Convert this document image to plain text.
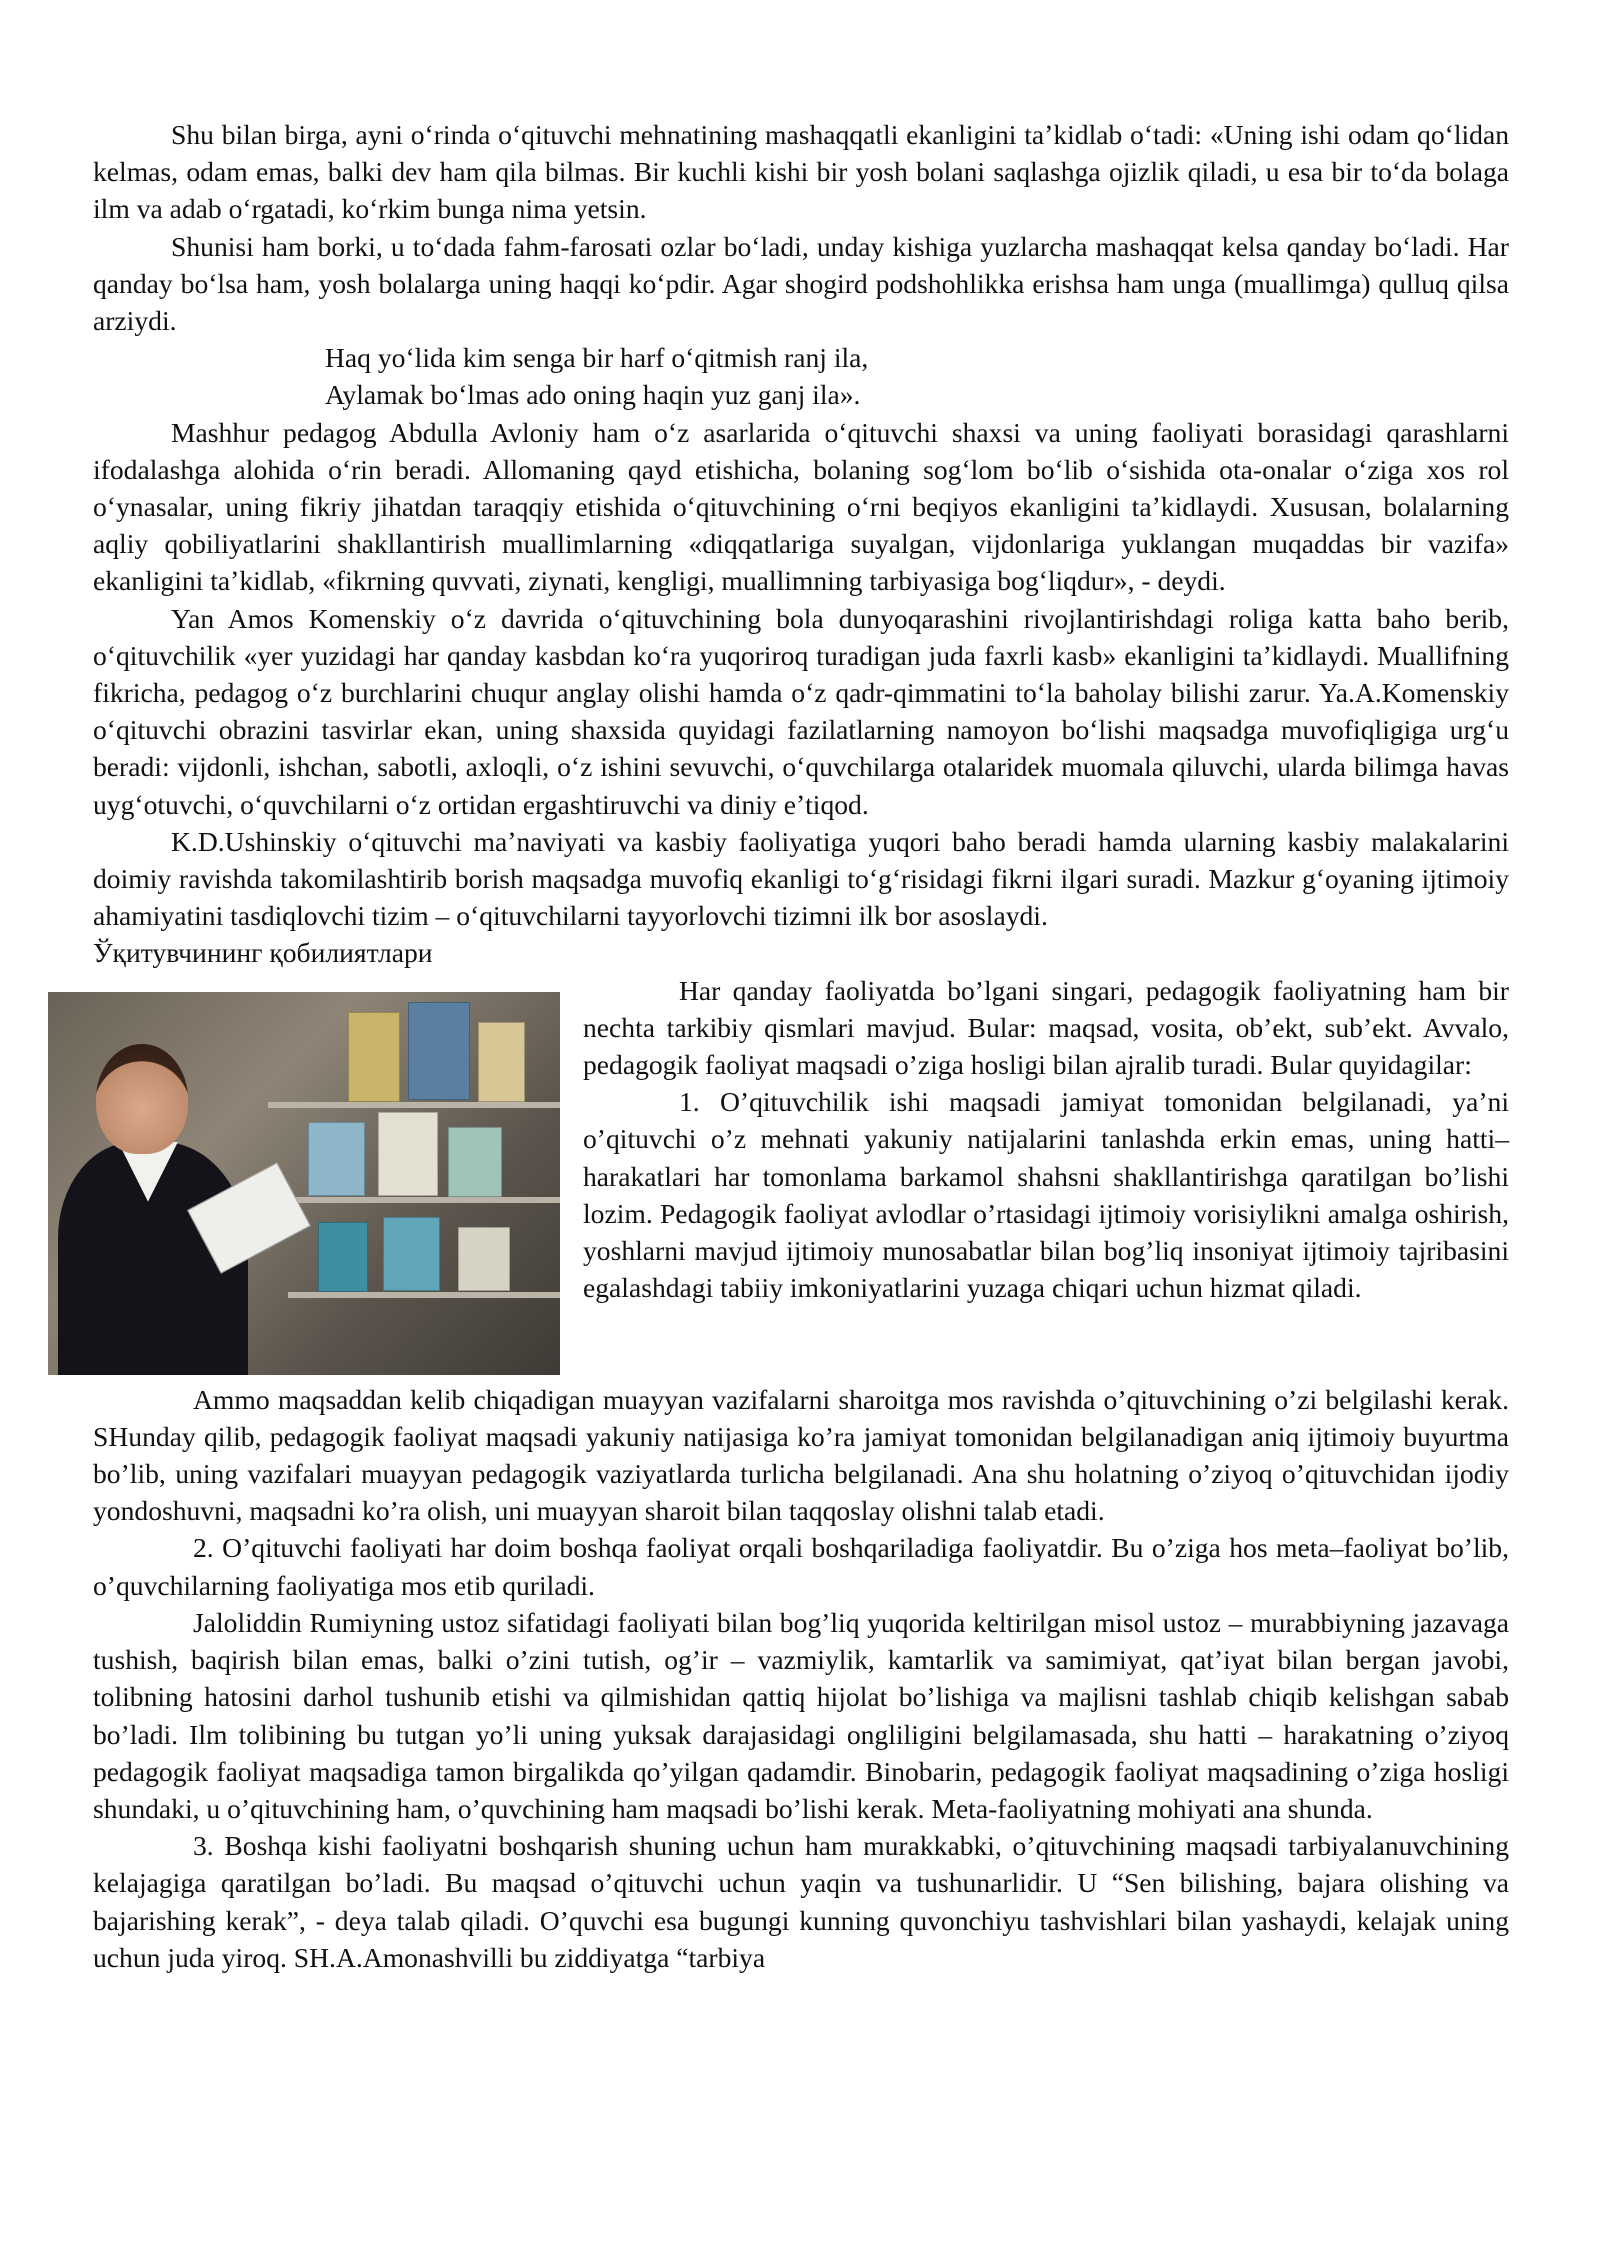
Shu bilan birga, ayni oʻrinda oʻqituvchi mehnatining mashaqqatli ekanligini taʼkidlab oʻtadi: «Uning ishi odam qoʻlidan kelmas, odam emas, balki dev ham qila bilmas. Bir kuchli kishi bir yosh bolani saqlashga ojizlik qiladi, u esa bir toʻda bolaga ilm va adab oʻrgatadi, koʻrkim bunga nima yetsin.

Shunisi ham borki, u toʻdada fahm-farosati ozlar boʻladi, unday kishiga yuzlarcha mashaqqat kelsa qanday boʻladi. Har qanday boʻlsa ham, yosh bolalarga uning haqqi koʻpdir. Agar shogird podshohlikka erishsa ham unga (muallimga) qulluq qilsa arziydi.

Haq yoʻlida kim senga bir harf oʻqitmish ranj ila,

Aylamak boʻlmas ado oning haqin yuz ganj ila».

Mashhur pedagog Abdulla Avloniy ham oʻz asarlarida oʻqituvchi shaxsi va uning faoliyati borasidagi qarashlarni ifodalashga alohida oʻrin beradi. Allomaning qayd etishicha, bolaning sogʻlom boʻlib oʻsishida ota-onalar oʻziga xos rol oʻynasalar, uning fikriy jihatdan taraqqiy etishida oʻqituvchining oʻrni beqiyos ekanligini taʼkidlaydi. Xususan, bolalarning aqliy qobiliyatlarini shakllantirish muallimlarning «diqqatlariga suyalgan, vijdonlariga yuklangan muqaddas bir vazifa» ekanligini taʼkidlab, «fikrning quvvati, ziynati, kengligi, muallimning tarbiyasiga bogʻliqdur», - deydi.

Yan Amos Komenskiy oʻz davrida oʻqituvchining bola dunyoqarashini rivojlantirishdagi roliga katta baho berib, oʻqituvchilik «yer yuzidagi har qanday kasbdan koʻra yuqoriroq turadigan juda faxrli kasb» ekanligini taʼkidlaydi. Muallifning fikricha, pedagog oʻz burchlarini chuqur anglay olishi hamda oʻz qadr-qimmatini toʻla baholay bilishi zarur. Ya.A.Komenskiy oʻqituvchi obrazini tasvirlar ekan, uning shaxsida quyidagi fazilatlarning namoyon boʻlishi maqsadga muvofiqligiga urgʻu beradi: vijdonli, ishchan, sabotli, axloqli, oʻz ishini sevuvchi, oʻquvchilarga otalaridek muomala qiluvchi, ularda bilimga havas uygʻotuvchi, oʻquvchilarni oʻz ortidan ergashtiruvchi va diniy eʼtiqod.

K.D.Ushinskiy oʻqituvchi maʼnaviyati va kasbiy faoliyatiga yuqori baho beradi hamda ularning kasbiy malakalarini doimiy ravishda takomilashtirib borish maqsadga muvofiq ekanligi toʻgʻrisidagi fikrni ilgari suradi. Mazkur gʻoyaning ijtimoiy ahamiyatini tasdiqlovchi tizim – oʻqituvchilarni tayyorlovchi tizimni ilk bor asoslaydi.

Ўқитувчининг қобилиятлари

Har qanday faoliyatda bo’lgani singari, pedagogik faoliyatning ham bir nechta tarkibiy qismlari mavjud. Bular: maqsad, vosita, ob’ekt, sub’ekt. Avvalo, pedagogik faoliyat maqsadi o’ziga hosligi bilan ajralib turadi. Bular quyidagilar:

1. O’qituvchilik ishi maqsadi jamiyat tomonidan belgilanadi, ya’ni o’qituvchi o’z mehnati yakuniy natijalarini tanlashda erkin emas, uning hatti–harakatlari har tomonlama barkamol shahsni shakllantirishga qaratilgan bo’lishi lozim. Pedagogik faoliyat avlodlar o’rtasidagi ijtimoiy vorisiylikni amalga oshirish, yoshlarni mavjud ijtimoiy munosabatlar bilan bog’liq insoniyat ijtimoiy tajribasini egalashdagi tabiiy imkoniyatlarini yuzaga chiqari uchun hizmat qiladi.

Ammo maqsaddan kelib chiqadigan muayyan vazifalarni sharoitga mos ravishda o’qituvchining o’zi belgilashi kerak. SHunday qilib, pedagogik faoliyat maqsadi yakuniy natijasiga ko’ra jamiyat tomonidan belgilanadigan aniq ijtimoiy buyurtma bo’lib, uning vazifalari muayyan pedagogik vaziyatlarda turlicha belgilanadi. Ana shu holatning o’ziyoq o’qituvchidan ijodiy yondoshuvni, maqsadni ko’ra olish, uni muayyan sharoit bilan taqqoslay olishni talab etadi.

2. O’qituvchi faoliyati har doim boshqa faoliyat orqali boshqariladiga faoliyatdir. Bu o’ziga hos meta–faoliyat bo’lib, o’quvchilarning faoliyatiga mos etib quriladi.

Jaloliddin Rumiyning ustoz sifatidagi faoliyati bilan bog’liq yuqorida keltirilgan misol ustoz – murabbiyning jazavaga tushish, baqirish bilan emas, balki o’zini tutish, og’ir – vazmiylik, kamtarlik va samimiyat, qat’iyat bilan bergan javobi, tolibning hatosini darhol tushunib etishi va qilmishidan qattiq hijolat bo’lishiga va majlisni tashlab chiqib kelishgan sabab bo’ladi. Ilm tolibining bu tutgan yo’li uning yuksak darajasidagi ongliligini belgilamasada, shu hatti – harakatning o’ziyoq pedagogik faoliyat maqsadiga tamon birgalikda qo’yilgan qadamdir. Binobarin, pedagogik faoliyat maqsadining o’ziga hosligi shundaki, u o’qituvchining ham, o’quvchining ham maqsadi bo’lishi kerak. Meta-faoliyatning mohiyati ana shunda.

3. Boshqa kishi faoliyatni boshqarish shuning uchun ham murakkabki, o’qituvchining maqsadi tarbiyalanuvchining kelajagiga qaratilgan bo’ladi. Bu maqsad o’qituvchi uchun yaqin va tushunarlidir. U “Sen bilishing, bajara olishing va bajarishing kerak”, - deya talab qiladi. O’quvchi esa bugungi kunning quvonchiyu tashvishlari bilan yashaydi, kelajak uning uchun juda yiroq. SH.A.Amonashvilli bu ziddiyatga “tarbiya
